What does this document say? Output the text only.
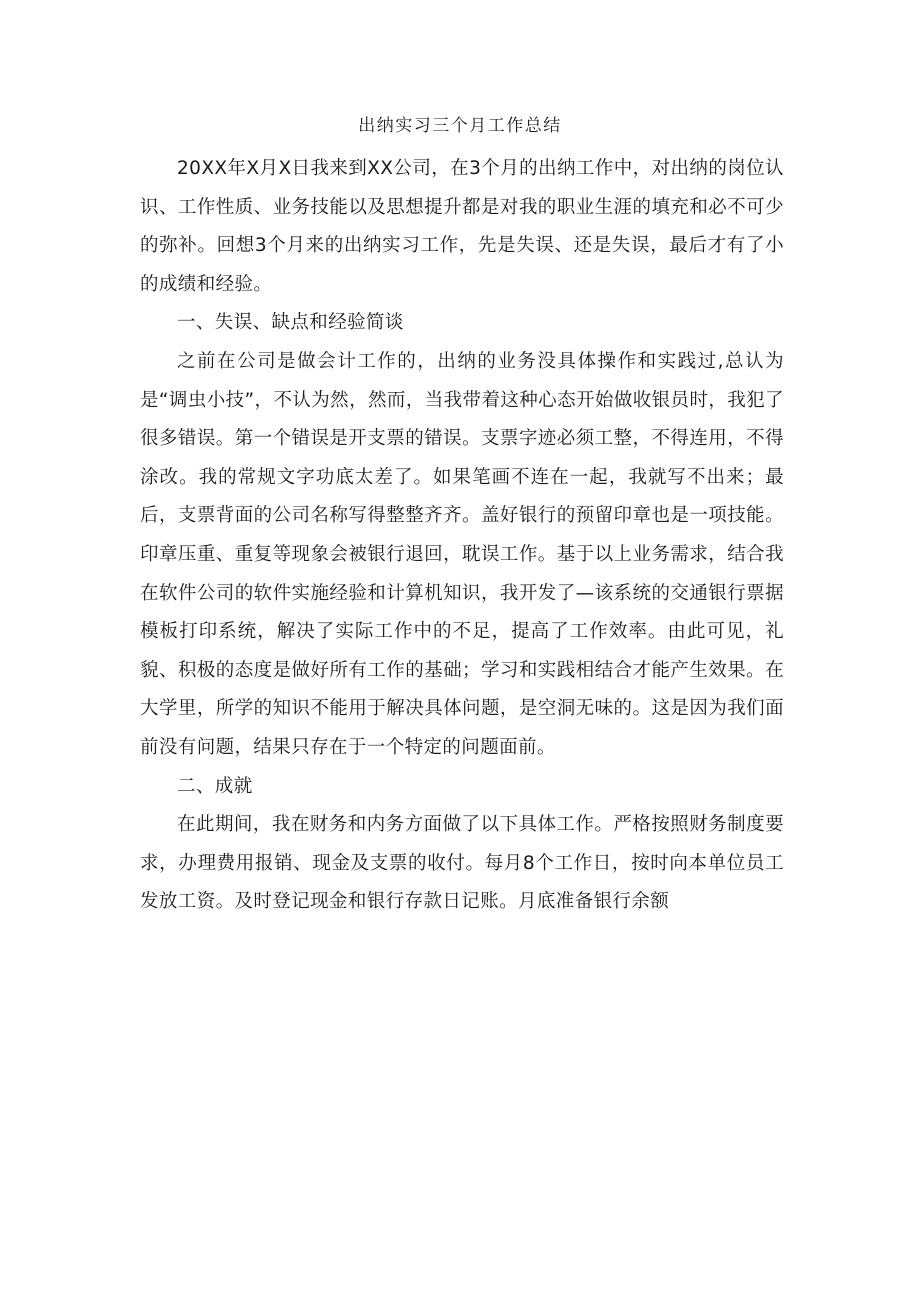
出纳实习三个月工作总结

20XX年X月X日我来到XX公司，在3个月的出纳工作中，对出纳的岗位认识、工作性质、业务技能以及思想提升都是对我的职业生涯的填充和必不可少的弥补。回想3个月来的出纳实习工作，先是失误、还是失误，最后才有了小的成绩和经验。

一、失误、缺点和经验简谈

之前在公司是做会计工作的，出纳的业务没具体操作和实践过,总认为是“调虫小技”，不认为然，然而，当我带着这种心态开始做收银员时，我犯了很多错误。第一个错误是开支票的错误。支票字迹必须工整，不得连用，不得涂改。我的常规文字功底太差了。如果笔画不连在一起，我就写不出来；最后，支票背面的公司名称写得整整齐齐。盖好银行的预留印章也是一项技能。印章压重、重复等现象会被银行退回，耽误工作。基于以上业务需求，结合我在软件公司的软件实施经验和计算机知识，我开发了—该系统的交通银行票据模板打印系统，解决了实际工作中的不足，提高了工作效率。由此可见，礼貌、积极的态度是做好所有工作的基础；学习和实践相结合才能产生效果。在大学里，所学的知识不能用于解决具体问题，是空洞无味的。这是因为我们面前没有问题，结果只存在于一个特定的问题面前。

二、成就

在此期间，我在财务和内务方面做了以下具体工作。严格按照财务制度要求，办理费用报销、现金及支票的收付。每月8个工作日，按时向本单位员工发放工资。及时登记现金和银行存款日记账。月底准备银行余额
